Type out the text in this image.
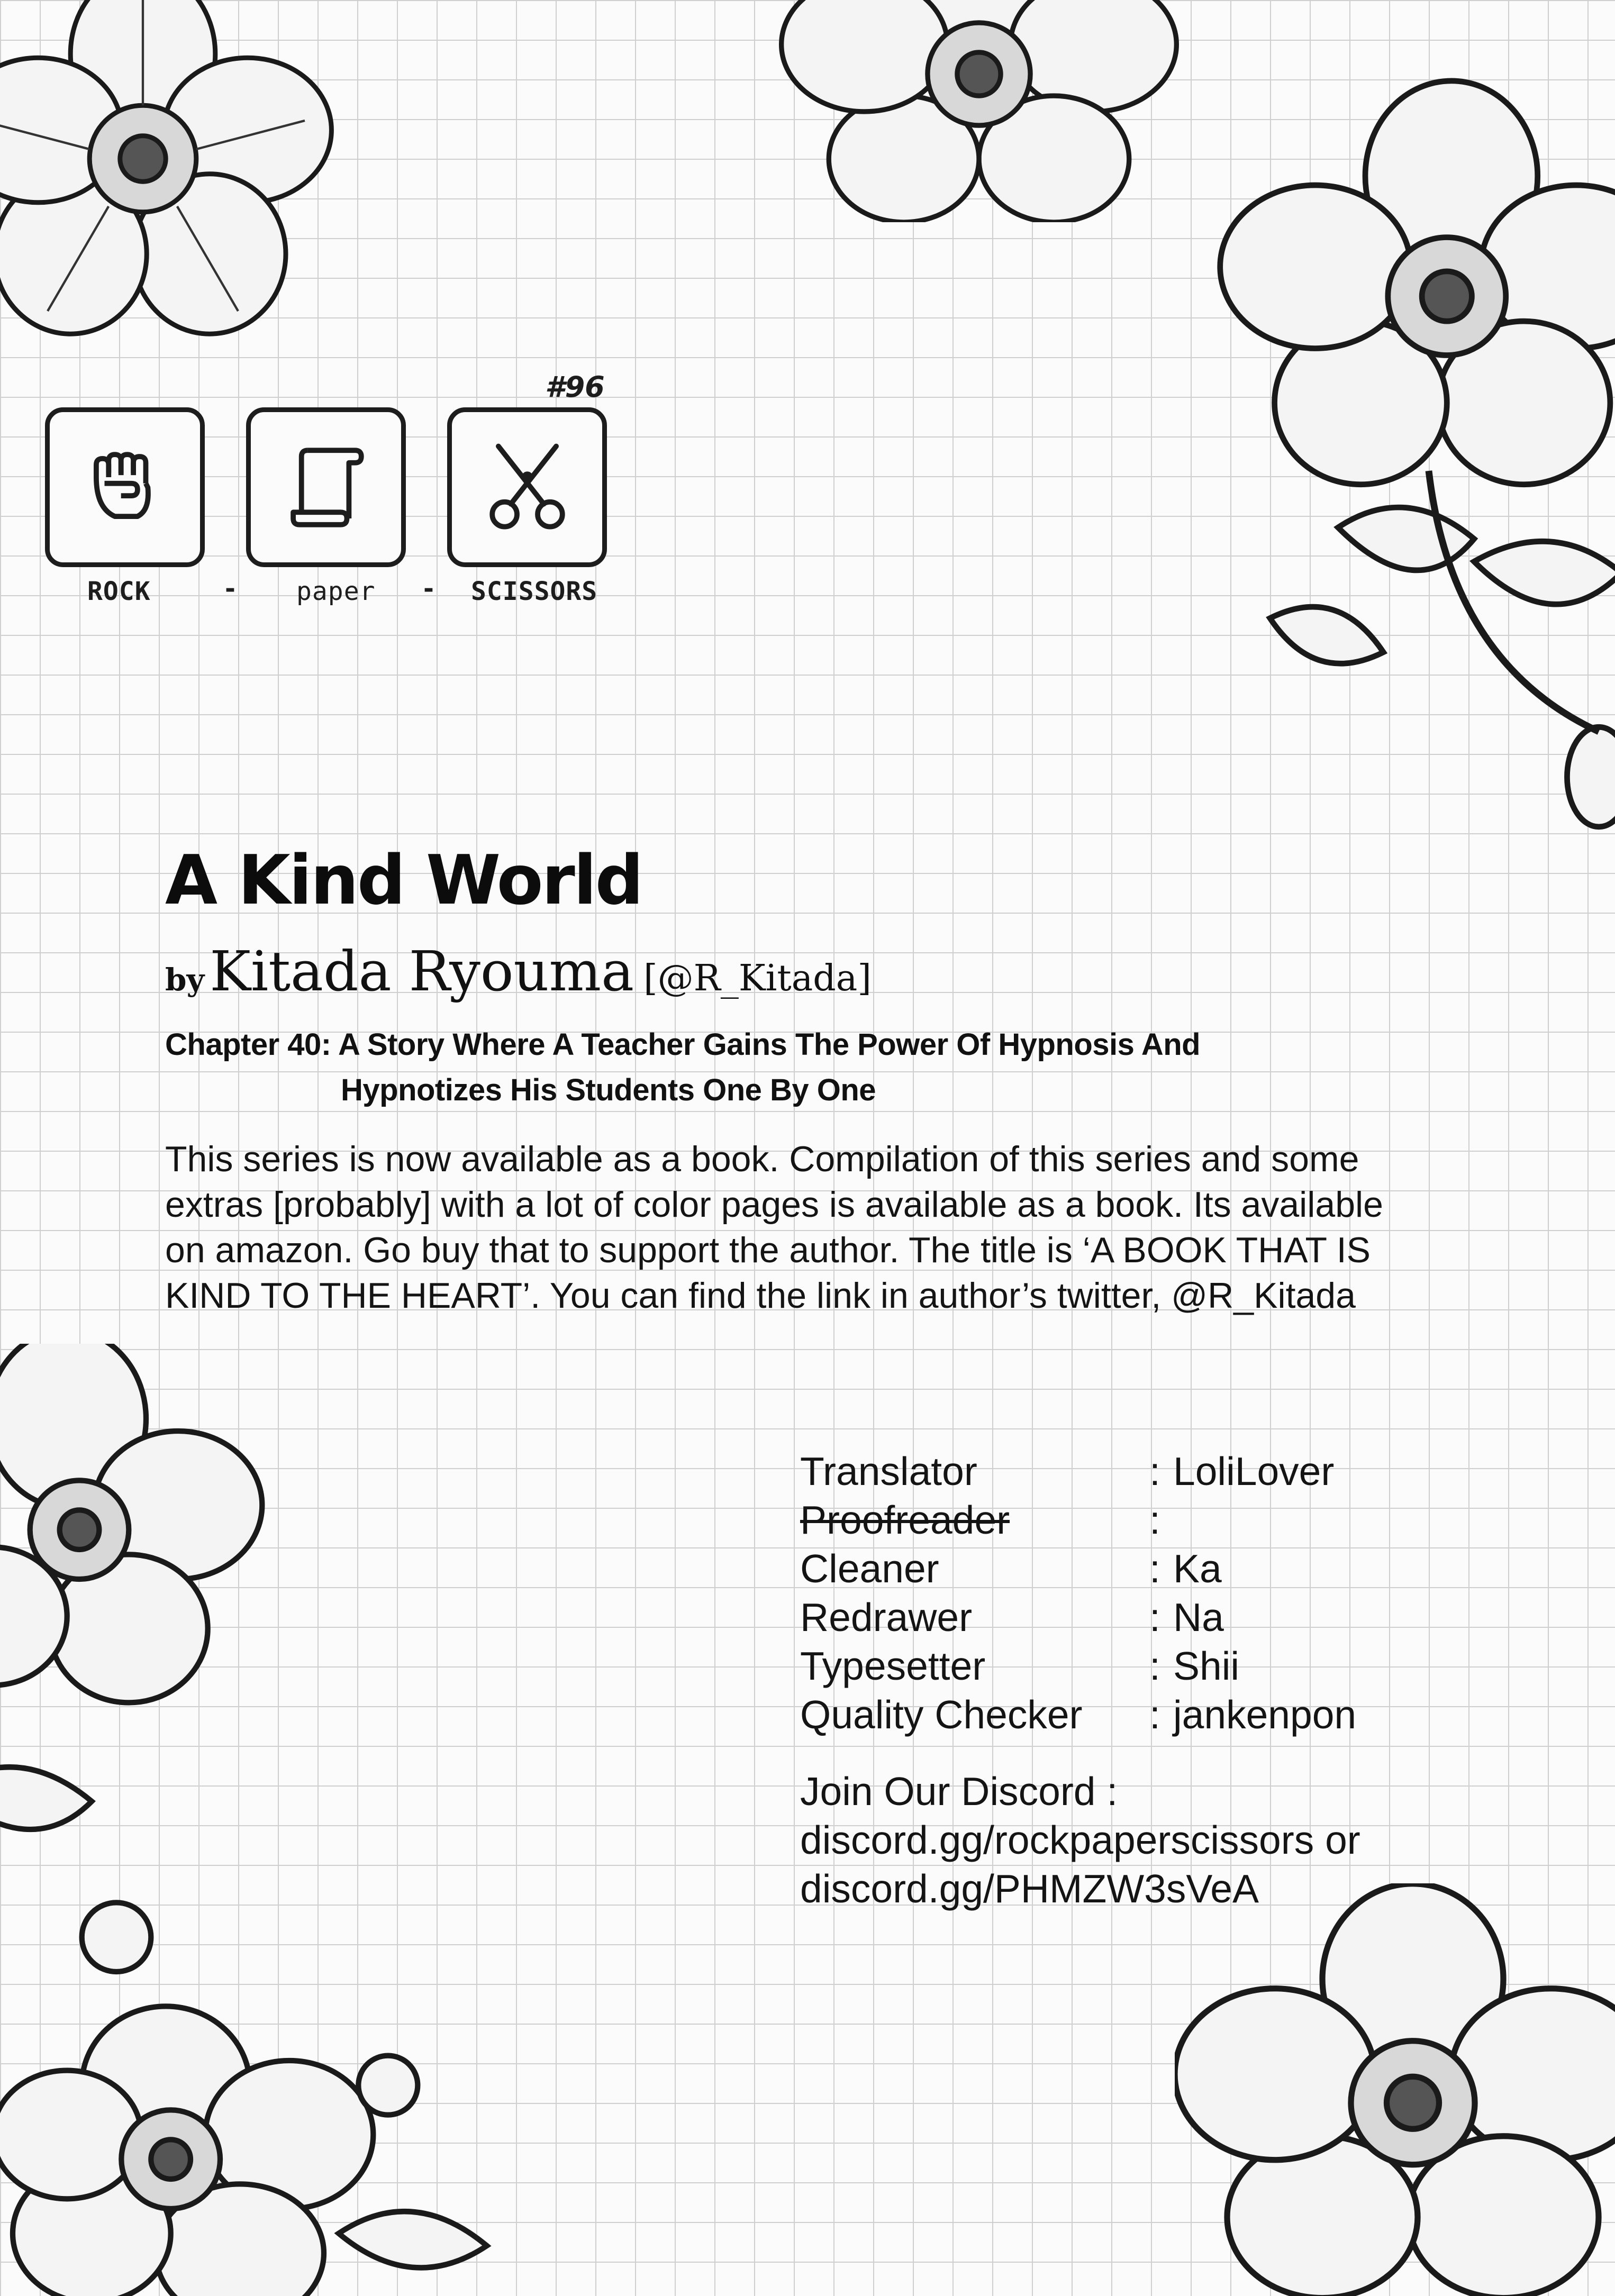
#96
ROCK	- paper - SCISSORS
A Kind World
byKitada Ryouma [@R_Kitada]
Chapter 40: A Story Where A Teacher Gains The Power Of Hypnosis And
Hypnotizes His Students One By One

This series is now available as a book. Compilation of this series and some extras [probably] with a lot of color pages is available as a book. Its available on amazon. Go buy that to support the author. The title is ‘A BOOK THAT IS KIND TO THE HEART’. You can find the link in author’s twitter, @R_Kitada

Translator	: LoliLover
Proofreader	:
Cleaner	: Ka
Redrawer	: Na
Typesetter	: Shii
Quality Checker	: jankenpon
Join Our Discord :
discord.gg/rockpaperscissors or
discord.gg/PHMZW3sVeA
